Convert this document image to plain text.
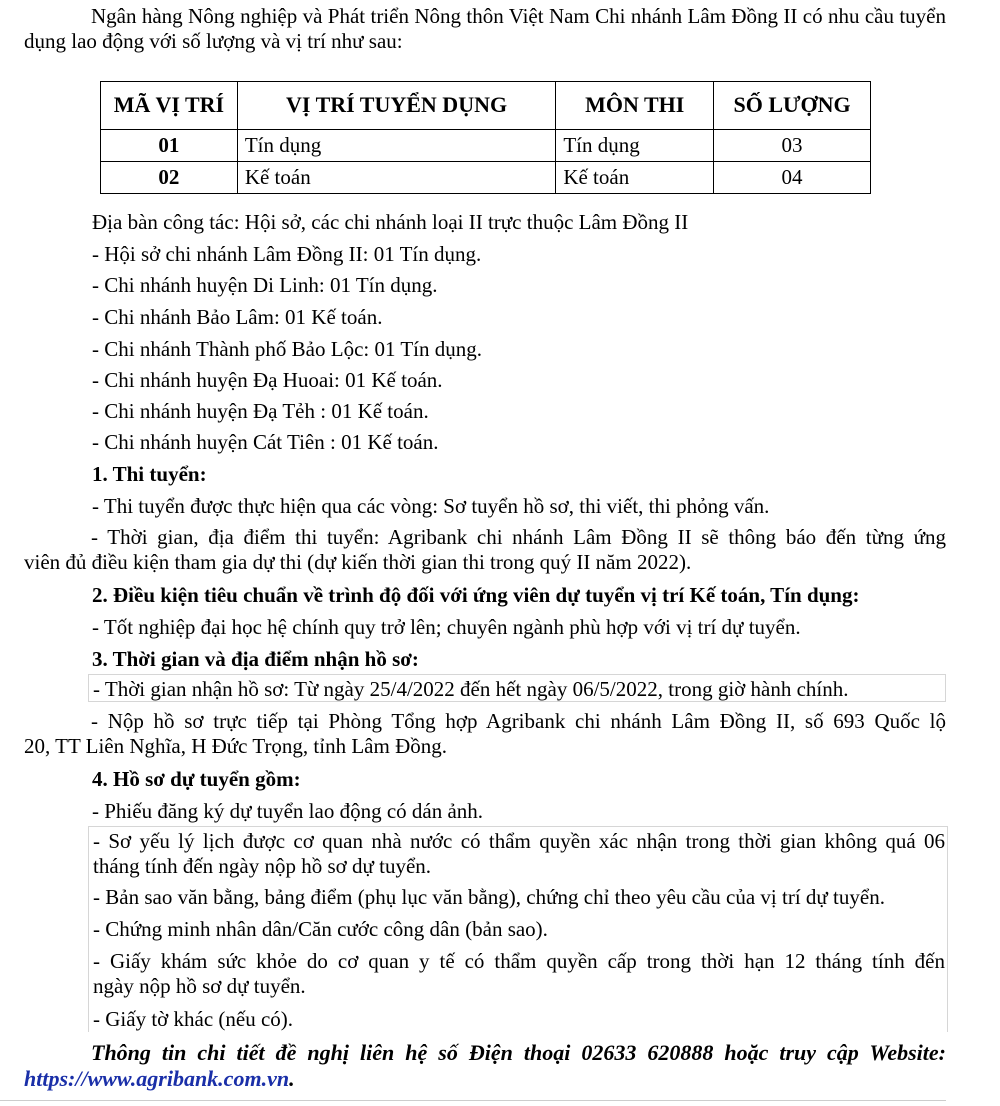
Ngân hàng Nông nghiệp và Phát triển Nông thôn Việt Nam Chi nhánh Lâm Đồng II có nhu cầu tuyển dụng lao động với số lượng và vị trí như sau:
MÃ VỊ TRÍ	VỊ TRÍ TUYỂN DỤNG	MÔN THI	SỐ LƯỢNG
01	Tín dụng	Tín dụng	03
02	Kế toán	Kế toán	04
Địa bàn công tác: Hội sở, các chi nhánh loại II trực thuộc Lâm Đồng II
- Hội sở chi nhánh Lâm Đồng II: 01 Tín dụng.
- Chi nhánh huyện Di Linh: 01 Tín dụng.
- Chi nhánh Bảo Lâm: 01 Kế toán.
- Chi nhánh Thành phố Bảo Lộc: 01 Tín dụng.
- Chi nhánh huyện Đạ Huoai: 01 Kế toán.
- Chi nhánh huyện Đạ Tẻh : 01 Kế toán.
- Chi nhánh huyện Cát Tiên : 01 Kế toán.
1. Thi tuyển:
- Thi tuyển được thực hiện qua các vòng: Sơ tuyển hồ sơ, thi viết, thi phỏng vấn.
- Thời gian, địa điểm thi tuyển: Agribank chi nhánh Lâm Đồng II sẽ thông báo đến từng ứng
viên đủ điều kiện tham gia dự thi (dự kiến thời gian thi trong quý II năm 2022).
2. Điều kiện tiêu chuẩn về trình độ đối với ứng viên dự tuyển vị trí Kế toán, Tín dụng:
- Tốt nghiệp đại học hệ chính quy trở lên; chuyên ngành phù hợp với vị trí dự tuyển.
3. Thời gian và địa điểm nhận hồ sơ:
- Thời gian nhận hồ sơ: Từ ngày 25/4/2022 đến hết ngày 06/5/2022, trong giờ hành chính.
- Nộp hồ sơ trực tiếp tại Phòng Tổng hợp Agribank chi nhánh Lâm Đồng II, số 693 Quốc lộ
20, TT Liên Nghĩa, H Đức Trọng, tỉnh Lâm Đồng.
4. Hồ sơ dự tuyển gồm:
- Phiếu đăng ký dự tuyển lao động có dán ảnh.
- Sơ yếu lý lịch được cơ quan nhà nước có thẩm quyền xác nhận trong thời gian không quá 06
tháng tính đến ngày nộp hồ sơ dự tuyển.
- Bản sao văn bằng, bảng điểm (phụ lục văn bằng), chứng chỉ theo yêu cầu của vị trí dự tuyển.
- Chứng minh nhân dân/Căn cước công dân (bản sao).
- Giấy khám sức khỏe do cơ quan y tế có thẩm quyền cấp trong thời hạn 12 tháng tính đến
ngày nộp hồ sơ dự tuyển.
- Giấy tờ khác (nếu có).
Thông tin chi tiết đề nghị liên hệ số Điện thoại 02633 620888 hoặc truy cập Website:
https://www.agribank.com.vn.
